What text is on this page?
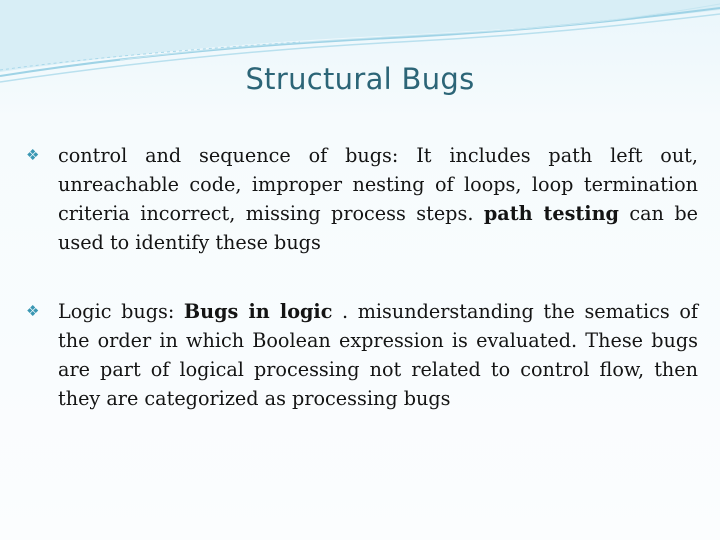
Structural Bugs
❖ control and sequence of bugs: It includes path left out, unreachable code, improper nesting of loops, loop termination criteria incorrect, missing process steps. path testing can be used to identify these bugs
❖ Logic bugs: Bugs in logic . misunderstanding the sematics of the order in which Boolean expression is evaluated. These bugs are part of logical processing not related to control flow, then they are categorized as processing bugs
